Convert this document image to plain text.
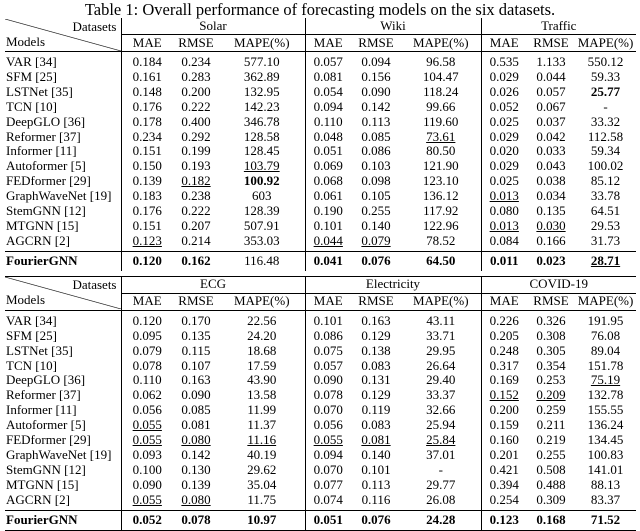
Table 1: Overall performance of forecasting models on the six datasets.
Datasets
Models	Solar			Wiki			Traffic		
	MAE	RMSE	MAPE(%)	MAE	RMSE	MAPE(%)	MAE	RMSE	MAPE(%)
VAR [34]	0.184	0.234	577.10	0.057	0.094	96.58	0.535	1.133	550.12
SFM [25]	0.161	0.283	362.89	0.081	0.156	104.47	0.029	0.044	59.33
LSTNet [35]	0.148	0.200	132.95	0.054	0.090	118.24	0.026	0.057	25.77
TCN [10]	0.176	0.222	142.23	0.094	0.142	99.66	0.052	0.067	-
DeepGLO [36]	0.178	0.400	346.78	0.110	0.113	119.60	0.025	0.037	33.32
Reformer [37]	0.234	0.292	128.58	0.048	0.085	73.61	0.029	0.042	112.58
Informer [11]	0.151	0.199	128.45	0.051	0.086	80.50	0.020	0.033	59.34
Autoformer [5]	0.150	0.193	103.79	0.069	0.103	121.90	0.029	0.043	100.02
FEDformer [29]	0.139	0.182	100.92	0.068	0.098	123.10	0.025	0.038	85.12
GraphWaveNet [19]	0.183	0.238	603	0.061	0.105	136.12	0.013	0.034	33.78
StemGNN [12]	0.176	0.222	128.39	0.190	0.255	117.92	0.080	0.135	64.51
MTGNN [15]	0.151	0.207	507.91	0.101	0.140	122.96	0.013	0.030	29.53
AGCRN [2]	0.123	0.214	353.03	0.044	0.079	78.52	0.084	0.166	31.73
FourierGNN	0.120	0.162	116.48	0.041	0.076	64.50	0.011	0.023	28.71

Datasets
Models	ECG			Electricity			COVID-19		
	MAE	RMSE	MAPE(%)	MAE	RMSE	MAPE(%)	MAE	RMSE	MAPE(%)
VAR [34]	0.120	0.170	22.56	0.101	0.163	43.11	0.226	0.326	191.95
SFM [25]	0.095	0.135	24.20	0.086	0.129	33.71	0.205	0.308	76.08
LSTNet [35]	0.079	0.115	18.68	0.075	0.138	29.95	0.248	0.305	89.04
TCN [10]	0.078	0.107	17.59	0.057	0.083	26.64	0.317	0.354	151.78
DeepGLO [36]	0.110	0.163	43.90	0.090	0.131	29.40	0.169	0.253	75.19
Reformer [37]	0.062	0.090	13.58	0.078	0.129	33.37	0.152	0.209	132.78
Informer [11]	0.056	0.085	11.99	0.070	0.119	32.66	0.200	0.259	155.55
Autoformer [5]	0.055	0.081	11.37	0.056	0.083	25.94	0.159	0.211	136.24
FEDformer [29]	0.055	0.080	11.16	0.055	0.081	25.84	0.160	0.219	134.45
GraphWaveNet [19]	0.093	0.142	40.19	0.094	0.140	37.01	0.201	0.255	100.83
StemGNN [12]	0.100	0.130	29.62	0.070	0.101	-	0.421	0.508	141.01
MTGNN [15]	0.090	0.139	35.04	0.077	0.113	29.77	0.394	0.488	88.13
AGCRN [2]	0.055	0.080	11.75	0.074	0.116	26.08	0.254	0.309	83.37
FourierGNN	0.052	0.078	10.97	0.051	0.076	24.28	0.123	0.168	71.52
